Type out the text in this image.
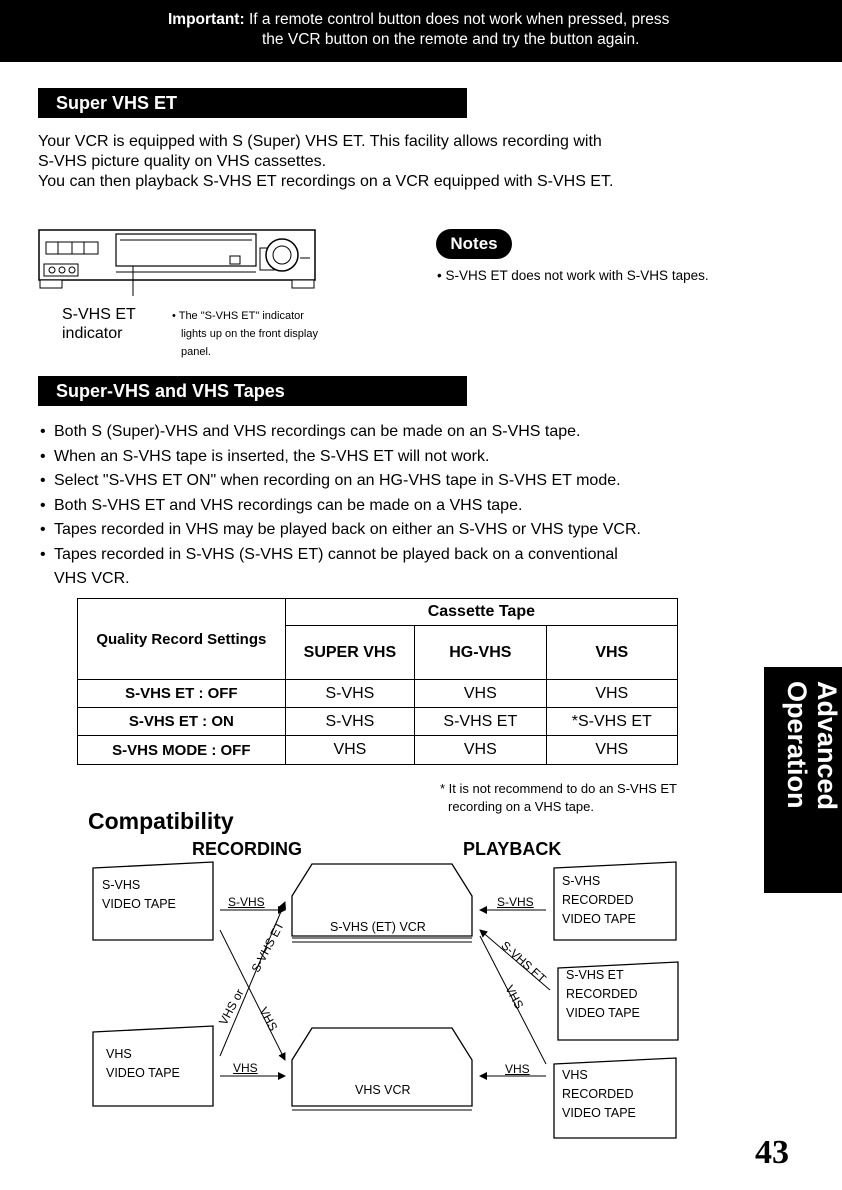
Important: If a remote control button does not work when pressed, press
the VCR button on the remote and try the button again.
Super VHS ET
Your VCR is equipped with S (Super) VHS ET. This facility allows recording with
S-VHS picture quality on VHS cassettes.
You can then playback S-VHS ET recordings on a VCR equipped with S-VHS ET.
S-VHS ET
indicator
• The "S-VHS ET" indicator
lights up on the front display
panel.
Notes
• S-VHS ET does not work with S-VHS tapes.
Super-VHS and VHS Tapes
• Both S (Super)-VHS and VHS recordings can be made on an S-VHS tape.
• When an S-VHS tape is inserted, the S-VHS ET will not work.
• Select "S-VHS ET ON" when recording on an HG-VHS tape in S-VHS ET mode.
• Both S-VHS ET and VHS recordings can be made on a VHS tape.
• Tapes recorded in VHS may be played back on either an S-VHS or VHS type VCR.
• Tapes recorded in S-VHS (S-VHS ET) cannot be played back on a conventional
VHS VCR.
Quality Record Settings	Cassette Tape		
	SUPER VHS	HG-VHS	VHS
S-VHS ET : OFF	S-VHS	VHS	VHS
S-VHS ET : ON	S-VHS	S-VHS ET	*S-VHS ET
S-VHS MODE : OFF	VHS	VHS	VHS
* It is not recommend to do an S-VHS ET
recording on a VHS tape.
Compatibility
RECORDING	PLAYBACK
S-VHS
VIDEO TAPE
VHS
VIDEO TAPE
S-VHS (ET) VCR
VHS VCR
S-VHS
RECORDED
VIDEO TAPE
S-VHS ET
RECORDED
VIDEO TAPE
VHS
RECORDED
VIDEO TAPE
S-VHS
VHS
S-VHS ET
VHS or VHS
S-VHS
S-VHS ET
VHS
VHS
Advanced
Operation
43
